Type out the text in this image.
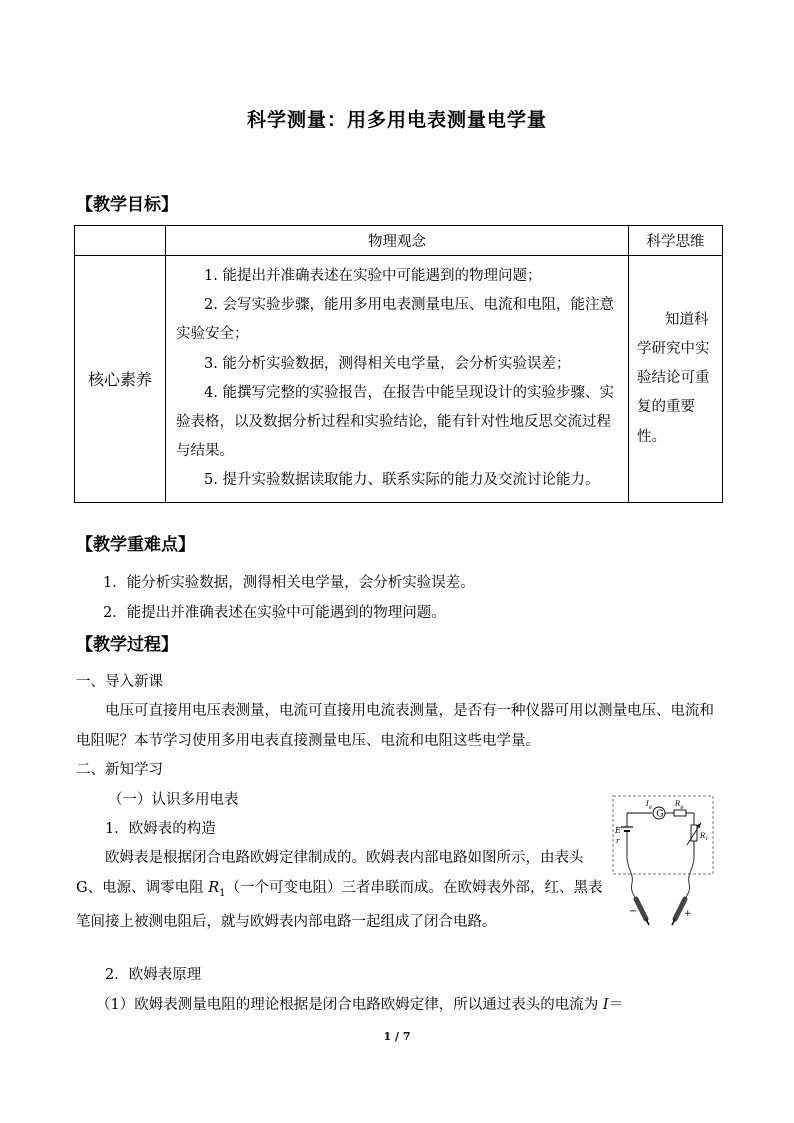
科学测量：用多用电表测量电学量
【教学目标】
	物理观念	科学思维
核心素养	1. 能提出并准确表述在实验中可能遇到的物理问题；

2. 会写实验步骤，能用多用电表测量电压、电流和电阻，能注意实验安全；

3. 能分析实验数据，测得相关电学量，会分析实验误差；

4. 能撰写完整的实验报告，在报告中能呈现设计的实验步骤、实验表格，以及数据分析过程和实验结论，能有针对性地反思交流过程与结果。

5. 提升实验数据读取能力、联系实际的能力及交流讨论能力。	知道科学研究中实验结论可重复的重要性。
【教学重难点】
1．能分析实验数据，测得相关电学量，会分析实验误差。
2．能提出并准确表述在实验中可能遇到的物理问题。
【教学过程】
一、导入新课
电压可直接用电压表测量，电流可直接用电流表测量，是否有一种仪器可用以测量电压、电流和电阻呢？本节学习使用多用电表直接测量电压、电流和电阻这些电学量。
二、新知学习
（一）认识多用电表
1．欧姆表的构造
欧姆表是根据闭合电路欧姆定律制成的。欧姆表内部电路如图所示，由表头 G、电源、调零电阻 $R_1$（一个可变电阻）三者串联而成。在欧姆表外部，红、黑表笔间接上被测电阻后，就与欧姆表内部电路一起组成了闭合电路。
2．欧姆表原理
（1）欧姆表测量电阻的理论根据是闭合电路欧姆定律，所以通过表头的电流为 I＝
G
E
r
$I_g$	$R_g$
$R_1$
−	+
1 / 7
